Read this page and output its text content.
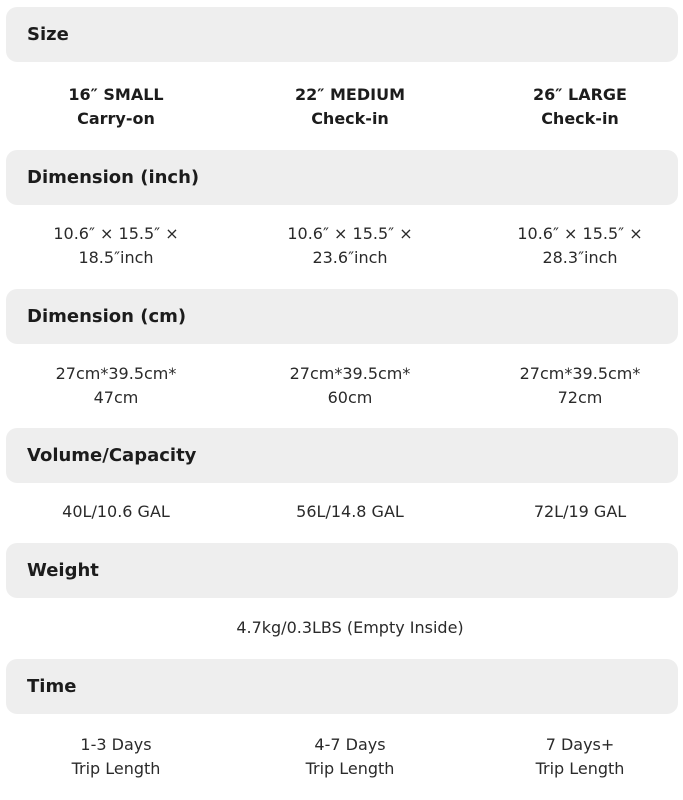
Size
16″ SMALL
Carry-on
22″ MEDIUM
Check-in
26″ LARGE
Check-in
Dimension (inch)
10.6″ × 15.5″ ×
18.5″inch
10.6″ × 15.5″ ×
23.6″inch
10.6″ × 15.5″ ×
28.3″inch
Dimension (cm)
27cm*39.5cm*
47cm
27cm*39.5cm*
60cm
27cm*39.5cm*
72cm
Volume/Capacity
40L/10.6 GAL	56L/14.8 GAL	72L/19 GAL
Weight
4.7kg/0.3LBS (Empty Inside)
Time
1-3 Days
Trip Length
4-7 Days
Trip Length
7 Days+
Trip Length
